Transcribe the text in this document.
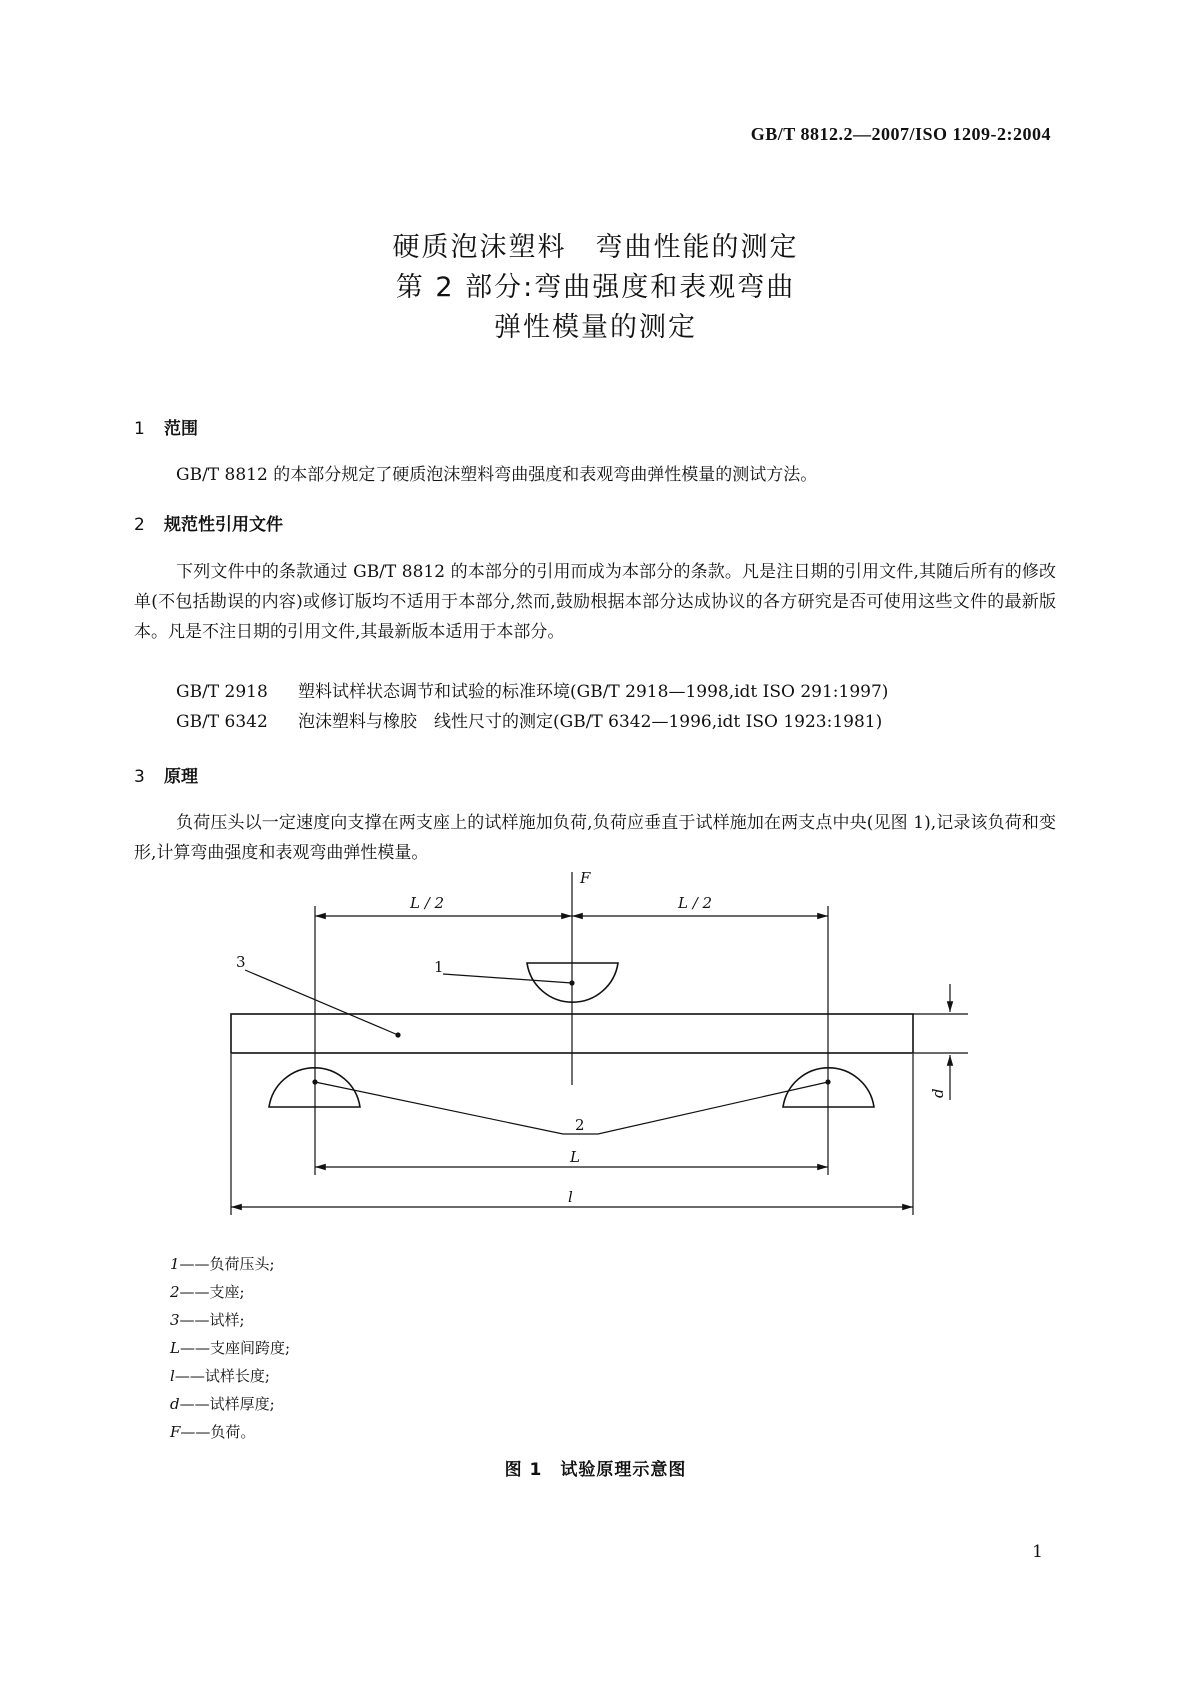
GB/T 8812.2—2007/ISO 1209-2:2004
硬质泡沫塑料　弯曲性能的测定
第 2 部分:弯曲强度和表观弯曲
弹性模量的测定
1 范围
GB/T 8812 的本部分规定了硬质泡沫塑料弯曲强度和表观弯曲弹性模量的测试方法。
2 规范性引用文件
下列文件中的条款通过 GB/T 8812 的本部分的引用而成为本部分的条款。凡是注日期的引用文件,其随后所有的修改单(不包括勘误的内容)或修订版均不适用于本部分,然而,鼓励根据本部分达成协议的各方研究是否可使用这些文件的最新版本。凡是不注日期的引用文件,其最新版本适用于本部分。
GB/T 2918 塑料试样状态调节和试验的标准环境(GB/T 2918—1998,idt ISO 291:1997)
GB/T 6342 泡沫塑料与橡胶　线性尺寸的测定(GB/T 6342—1996,idt ISO 1923:1981)
3 原理
负荷压头以一定速度向支撑在两支座上的试样施加负荷,负荷应垂直于试样施加在两支点中央(见图 1),记录该负荷和变形,计算弯曲强度和表观弯曲弹性模量。
F
L / 2	L / 2
1
3
2
L
l
d
1——负荷压头;
2——支座;
3——试样;
L——支座间跨度;
l——试样长度;
d——试样厚度;
F——负荷。
图 1　试验原理示意图
1
